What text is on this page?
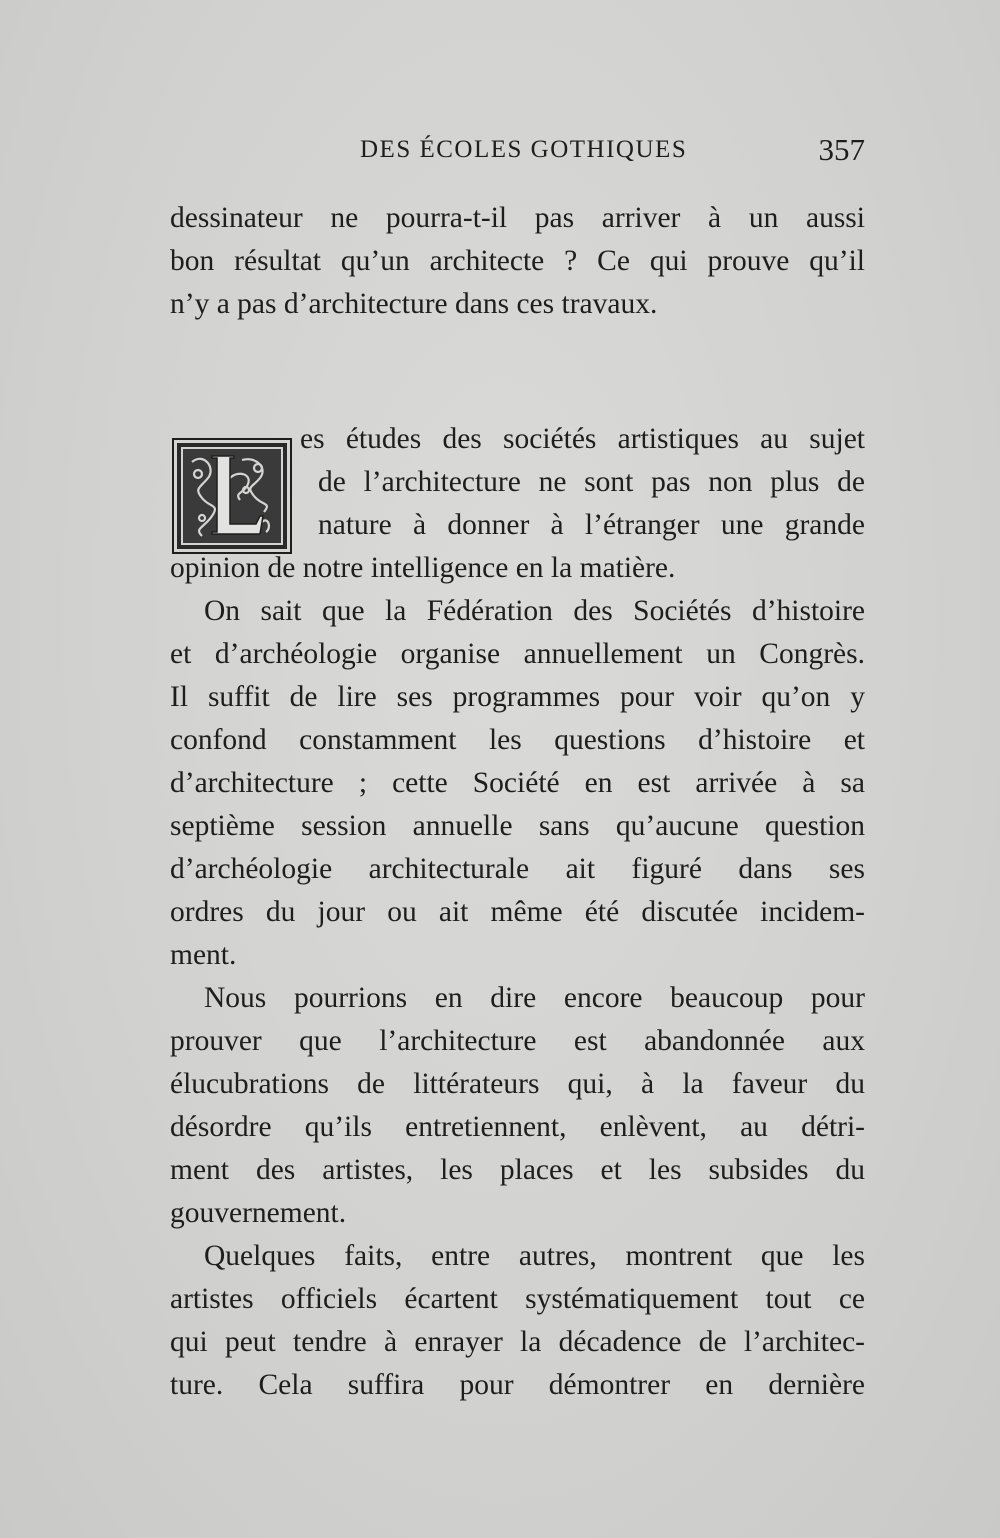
DES ÉCOLES GOTHIQUES	357
dessinateur ne pourra-t-il pas arriver à un aussi
bon résultat qu’un architecte ? Ce qui prouve qu’il
n’y a pas d’architecture dans ces travaux.
L	es études des sociétés artistiques au sujet
de l’architecture ne sont pas non plus de
nature à donner à l’étranger une grande
opinion de notre intelligence en la matière.
On sait que la Fédération des Sociétés d’histoire
et d’archéologie organise annuellement un Congrès.
Il suffit de lire ses programmes pour voir qu’on y
confond constamment les questions d’histoire et
d’architecture ; cette Société en est arrivée à sa
septième session annuelle sans qu’aucune question
d’archéologie architecturale ait figuré dans ses
ordres du jour ou ait même été discutée incidem-
ment.
Nous pourrions en dire encore beaucoup pour
prouver que l’architecture est abandonnée aux
élucubrations de littérateurs qui, à la faveur du
désordre qu’ils entretiennent, enlèvent, au détri-
ment des artistes, les places et les subsides du
gouvernement.
Quelques faits, entre autres, montrent que les
artistes officiels écartent systématiquement tout ce
qui peut tendre à enrayer la décadence de l’architec-
ture. Cela suffira pour démontrer en dernière
